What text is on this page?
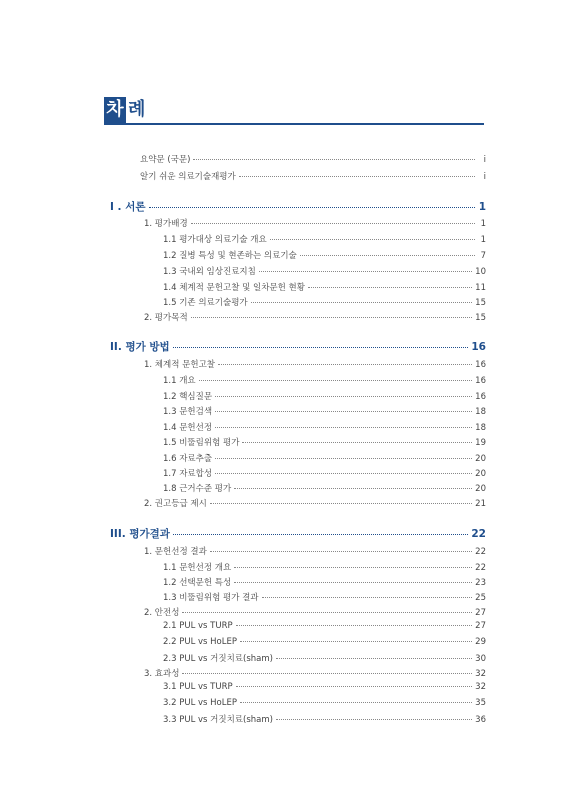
차 례
요약문 (국문)	i
알기 쉬운 의료기술재평가	i
I . 서론	1
1. 평가배경	1
1.1 평가대상 의료기술 개요	1
1.2 질병 특성 및 현존하는 의료기술	7
1.3 국내외 임상진료지침	10
1.4 체계적 문헌고찰 및 일차문헌 현황	11
1.5 기존 의료기술평가	15
2. 평가목적	15
II. 평가 방법	16
1. 체계적 문헌고찰	16
1.1 개요	16
1.2 핵심질문	16
1.3 문헌검색	18
1.4 문헌선정	18
1.5 비뚤림위험 평가	19
1.6 자료추출	20
1.7 자료합성	20
1.8 근거수준 평가	20
2. 권고등급 제시	21
III. 평가결과	22
1. 문헌선정 결과	22
1.1 문헌선정 개요	22
1.2 선택문헌 특성	23
1.3 비뚤림위험 평가 결과	25
2. 안전성	27
2.1 PUL vs TURP	27
2.2 PUL vs HoLEP	29
2.3 PUL vs 거짓치료(sham)	30
3. 효과성	32
3.1 PUL vs TURP	32
3.2 PUL vs HoLEP	35
3.3 PUL vs 거짓치료(sham)	36
